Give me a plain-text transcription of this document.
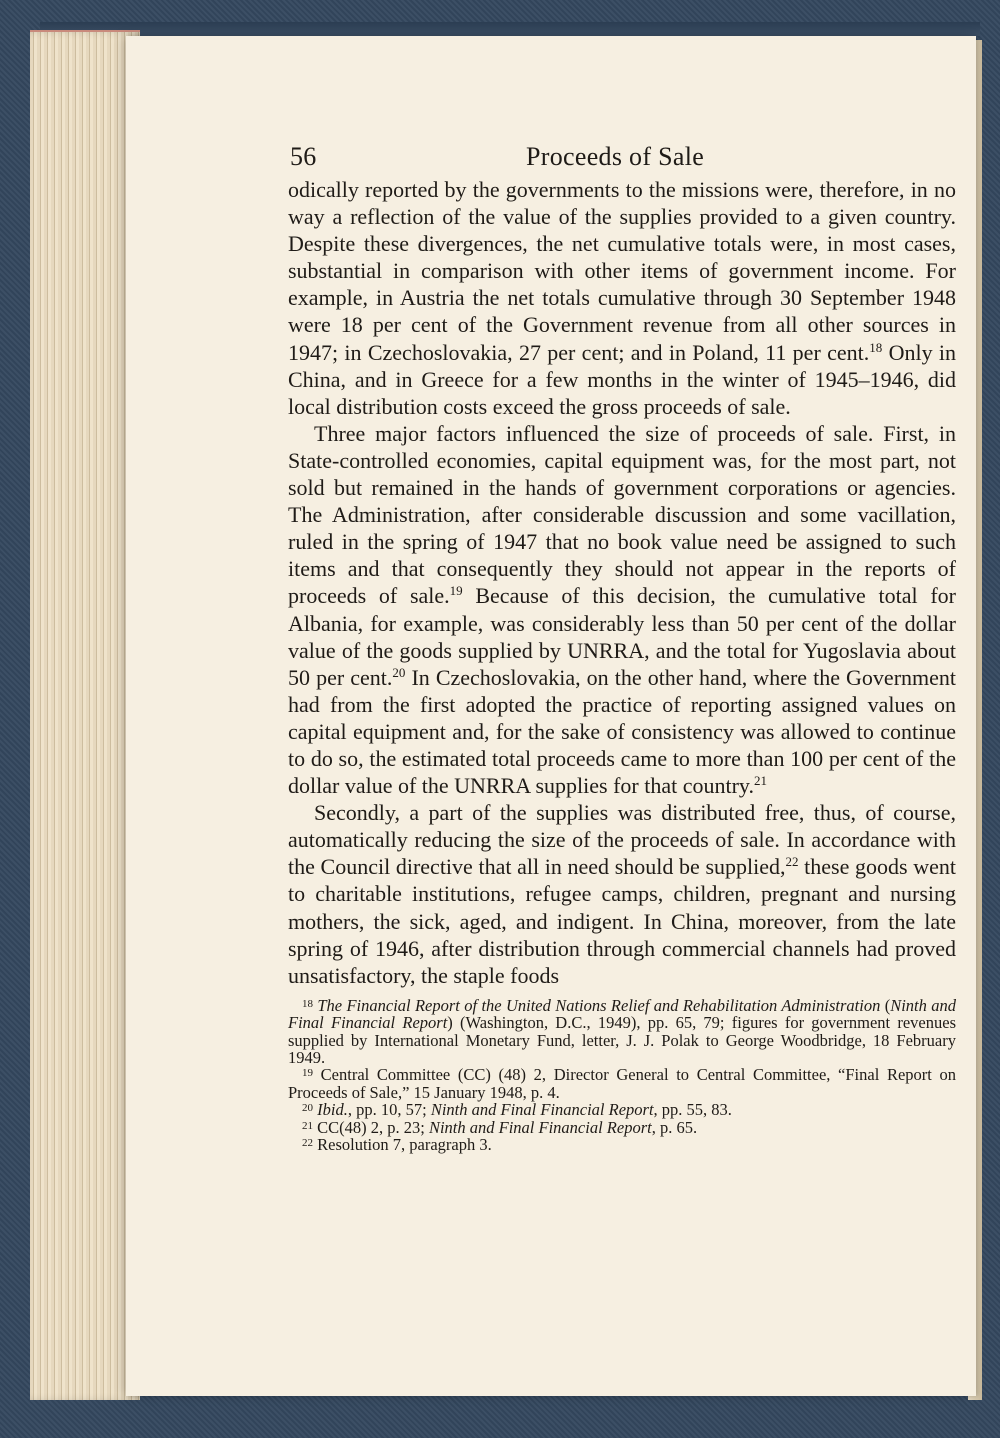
56	Proceeds of Sale

odically reported by the governments to the missions were, therefore, in no way a reflection of the value of the supplies provided to a given country. Despite these divergences, the net cumulative totals were, in most cases, substantial in comparison with other items of government income. For example, in Austria the net totals cumulative through 30 September 1948 were 18 per cent of the Government revenue from all other sources in 1947; in Czechoslovakia, 27 per cent; and in Poland, 11 per cent.$^{18}$ Only in China, and in Greece for a few months in the winter of 1945–1946, did local distribution costs exceed the gross proceeds of sale.

Three major factors influenced the size of proceeds of sale. First, in State-controlled economies, capital equipment was, for the most part, not sold but remained in the hands of government corporations or agencies. The Administration, after considerable discussion and some vacillation, ruled in the spring of 1947 that no book value need be assigned to such items and that consequently they should not appear in the reports of proceeds of sale.$^{19}$ Because of this decision, the cumulative total for Albania, for example, was considerably less than 50 per cent of the dollar value of the goods supplied by UNRRA, and the total for Yugoslavia about 50 per cent.$^{20}$ In Czechoslovakia, on the other hand, where the Government had from the first adopted the practice of reporting assigned values on capital equipment and, for the sake of consistency was allowed to continue to do so, the estimated total proceeds came to more than 100 per cent of the dollar value of the UNRRA supplies for that country.$^{21}$

Secondly, a part of the supplies was distributed free, thus, of course, automatically reducing the size of the proceeds of sale. In accordance with the Council directive that all in need should be supplied,$^{22}$ these goods went to charitable institutions, refugee camps, children, pregnant and nursing mothers, the sick, aged, and indigent. In China, moreover, from the late spring of 1946, after distribution through commercial channels had proved unsatisfactory, the staple foods

$^{18}$ The Financial Report of the United Nations Relief and Rehabilitation Administration (Ninth and Final Financial Report) (Washington, D.C., 1949), pp. 65, 79; figures for government revenues supplied by International Monetary Fund, letter, J. J. Polak to George Woodbridge, 18 February 1949.

$^{19}$ Central Committee (CC) (48) 2, Director General to Central Committee, “Final Report on Proceeds of Sale,” 15 January 1948, p. 4.

$^{20}$ Ibid., pp. 10, 57; Ninth and Final Financial Report, pp. 55, 83.

$^{21}$ CC(48) 2, p. 23; Ninth and Final Financial Report, p. 65.

$^{22}$ Resolution 7, paragraph 3.
